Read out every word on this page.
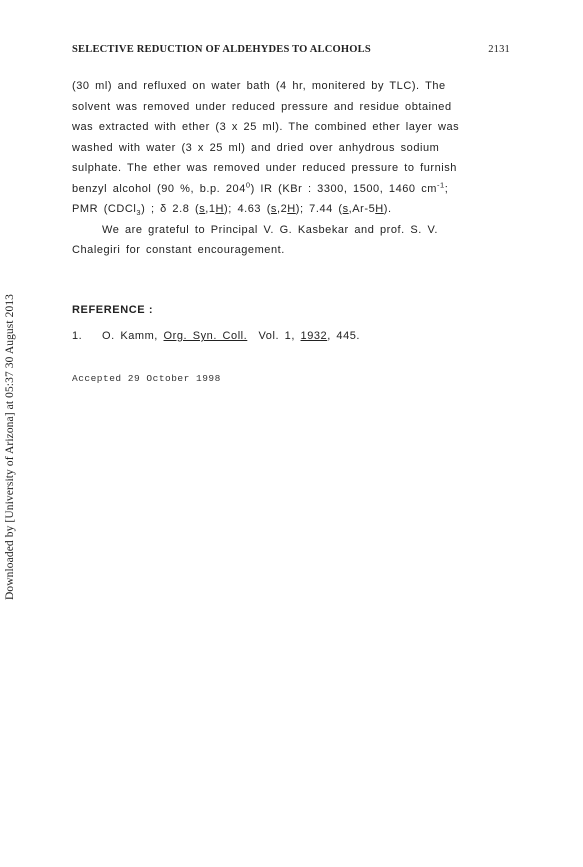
Downloaded by [University of Arizona] at 05:37 30 August 2013
SELECTIVE REDUCTION OF ALDEHYDES TO ALCOHOLS	2131
(30 ml) and refluxed on water bath (4 hr, monitered by TLC). The
solvent was removed under reduced pressure and residue obtained
was extracted with ether (3 x 25 ml). The combined ether layer was
washed with water (3 x 25 ml) and dried over anhydrous sodium
sulphate. The ether was removed under reduced pressure to furnish
benzyl alcohol (90 %, b.p. $204^0$) IR (KBr : 3300, 1500, 1460 $cm^{-1}$;
PMR (CDCl$_3$) ; δ 2.8 (s,1H); 4.63 (s,2H); 7.44 (s,Ar-5H).
We are grateful to Principal V. G. Kasbekar and prof. S. V.
Chalegiri for constant encouragement.
REFERENCE :
1. O. Kamm, Org. Syn. Coll.  Vol. 1, 1932, 445.
Accepted 29 October 1998
